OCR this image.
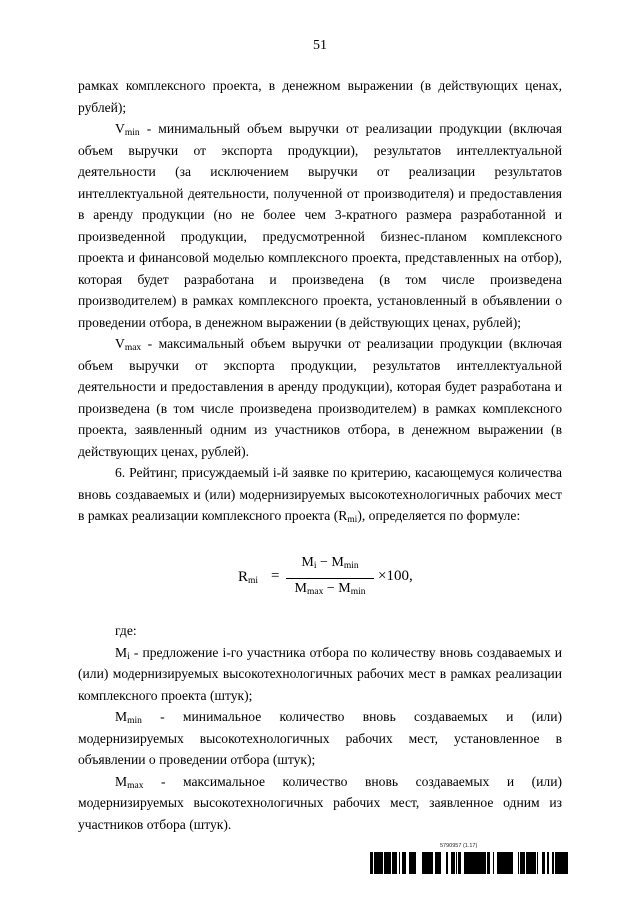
51

рамках комплексного проекта, в денежном выражении (в действующих ценах, рублей);

$V_{min}$ - минимальный объем выручки от реализации продукции (включая объем выручки от экспорта продукции), результатов интеллектуальной деятельности (за исключением выручки от реализации результатов интеллектуальной деятельности, полученной от производителя) и предоставления в аренду продукции (но не более чем 3-кратного размера разработанной и произведенной продукции, предусмотренной бизнес-планом комплексного проекта и финансовой моделью комплексного проекта, представленных на отбор), которая будет разработана и произведена (в том числе произведена производителем) в рамках комплексного проекта, установленный в объявлении о проведении отбора, в денежном выражении (в действующих ценах, рублей);

$V_{max}$ - максимальный объем выручки от реализации продукции (включая объем выручки от экспорта продукции, результатов интеллектуальной деятельности и предоставления в аренду продукции), которая будет разработана и произведена (в том числе произведена производителем) в рамках комплексного проекта, заявленный одним из участников отбора, в денежном выражении (в действующих ценах, рублей).

6. Рейтинг, присуждаемый i-й заявке по критерию, касающемуся количества вновь создаваемых и (или) модернизируемых высокотехнологичных рабочих мест в рамках реализации комплексного проекта $(R_{mi})$, определяется по формуле:

$R_{mi}$ =
$M_i - M_{min}$
$M_{max} - M_{min}$
×100,

где:

$M_i$ - предложение i-го участника отбора по количеству вновь создаваемых и (или) модернизируемых высокотехнологичных рабочих мест в рамках реализации комплексного проекта (штук);

$M_{min}$ - минимальное количество вновь создаваемых и (или) модернизируемых высокотехнологичных рабочих мест, установленное в объявлении о проведении отбора (штук);

$M_{max}$ - максимальное количество вновь создаваемых и (или) модернизируемых высокотехнологичных рабочих мест, заявленное одним из участников отбора (штук).

5790957 (1.17)
